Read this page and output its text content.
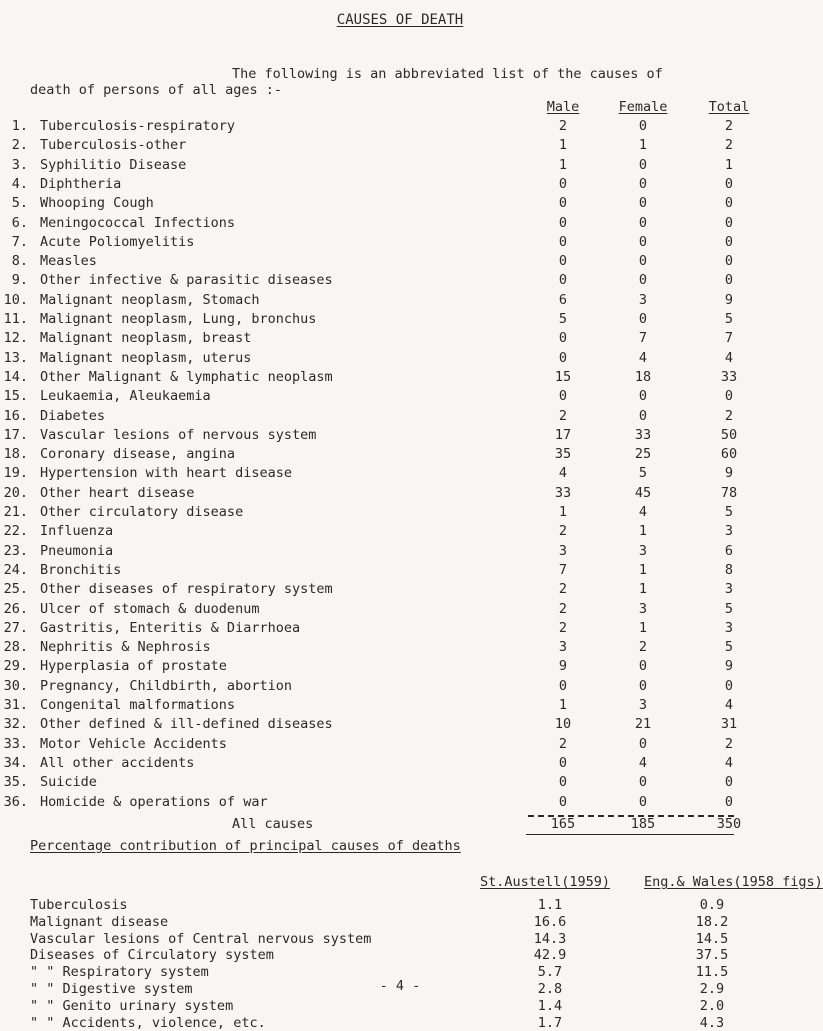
CAUSES OF DEATH
The following is an abbreviated list of the causes of
death of persons of all ages :-
Male	Female	Total
1. Tuberculosis-respiratory	2	0	2
2. Tuberculosis-other	1	1	2
3. Syphilitio Disease	1	0	1
4. Diphtheria	0	0	0
5. Whooping Cough	0	0	0
6. Meningococcal Infections	0	0	0
7. Acute Poliomyelitis	0	0	0
8. Measles	0	0	0
9. Other infective & parasitic diseases	0	0	0
10. Malignant neoplasm, Stomach	6	3	9
11. Malignant neoplasm, Lung, bronchus	5	0	5
12. Malignant neoplasm, breast	0	7	7
13. Malignant neoplasm, uterus	0	4	4
14. Other Malignant & lymphatic neoplasm	15	18	33
15. Leukaemia, Aleukaemia	0	0	0
16. Diabetes	2	0	2
17. Vascular lesions of nervous system	17	33	50
18. Coronary disease, angina	35	25	60
19. Hypertension with heart disease	4	5	9
20. Other heart disease	33	45	78
21. Other circulatory disease	1	4	5
22. Influenza	2	1	3
23. Pneumonia	3	3	6
24. Bronchitis	7	1	8
25. Other diseases of respiratory system	2	1	3
26. Ulcer of stomach & duodenum	2	3	5
27. Gastritis, Enteritis & Diarrhoea	2	1	3
28. Nephritis & Nephrosis	3	2	5
29. Hyperplasia of prostate	9	0	9
30. Pregnancy, Childbirth, abortion	0	0	0
31. Congenital malformations	1	3	4
32. Other defined & ill-defined diseases	10	21	31
33. Motor Vehicle Accidents	2	0	2
34. All other accidents	0	4	4
35. Suicide	0	0	0
36. Homicide & operations of war	0	0	0
All causes	165	185	350
Percentage contribution of principal causes of deaths
St.Austell(1959)	Eng.& Wales(1958 figs)
Tuberculosis	1.1	0.9
Malignant disease	16.6	18.2
Vascular lesions of Central nervous system	14.3	14.5
Diseases of Circulatory system	42.9	37.5
" " Respiratory system	5.7	11.5
" " Digestive system	2.8	2.9
" " Genito urinary system	1.4	2.0
" " Accidents, violence, etc.	1.7	4.3
- 4 -
